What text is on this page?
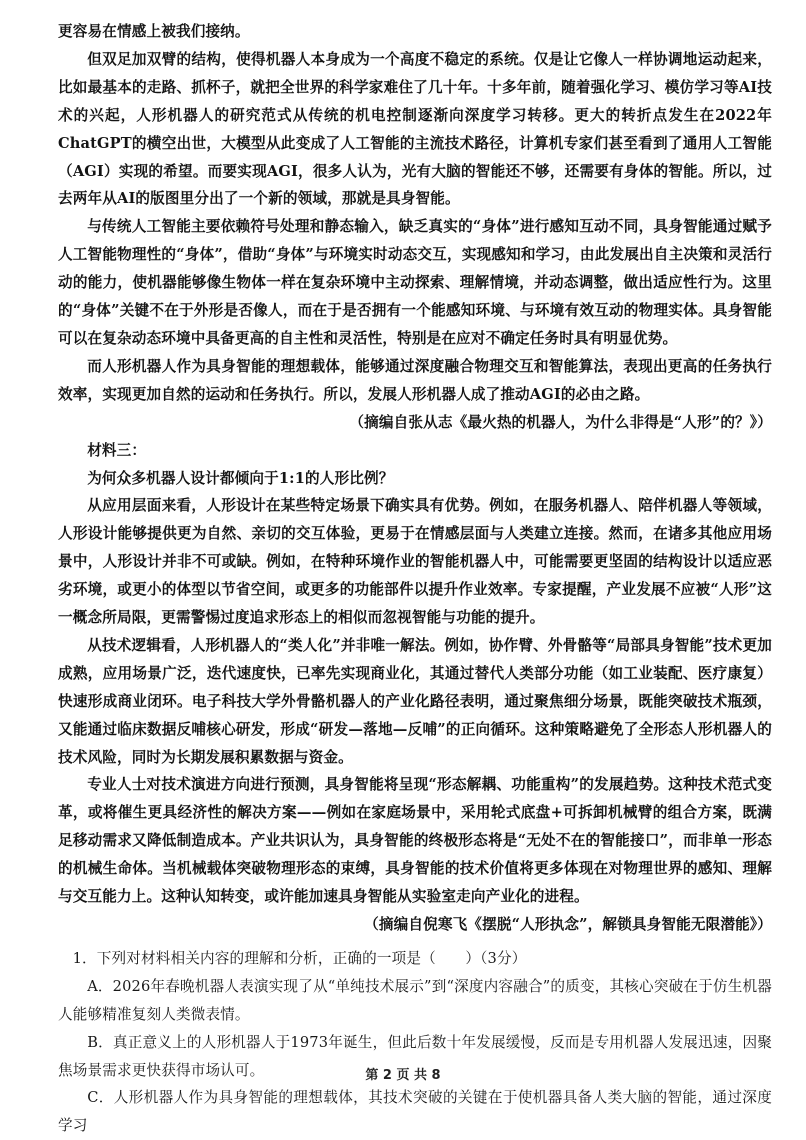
更容易在情感上被我们接纳。

但双足加双臂的结构，使得机器人本身成为一个高度不稳定的系统。仅是让它像人一样协调地运动起来，比如最基本的走路、抓杯子，就把全世界的科学家难住了几十年。十多年前，随着强化学习、模仿学习等AI技术的兴起，人形机器人的研究范式从传统的机电控制逐渐向深度学习转移。更大的转折点发生在2022年ChatGPT的横空出世，大模型从此变成了人工智能的主流技术路径，计算机专家们甚至看到了通用人工智能（AGI）实现的希望。而要实现AGI，很多人认为，光有大脑的智能还不够，还需要有身体的智能。所以，过去两年从AI的版图里分出了一个新的领域，那就是具身智能。

与传统人工智能主要依赖符号处理和静态输入，缺乏真实的“身体”进行感知互动不同，具身智能通过赋予人工智能物理性的“身体”，借助“身体”与环境实时动态交互，实现感知和学习，由此发展出自主决策和灵活行动的能力，使机器能够像生物体一样在复杂环境中主动探索、理解情境，并动态调整，做出适应性行为。这里的“身体”关键不在于外形是否像人，而在于是否拥有一个能感知环境、与环境有效互动的物理实体。具身智能可以在复杂动态环境中具备更高的自主性和灵活性，特别是在应对不确定任务时具有明显优势。

而人形机器人作为具身智能的理想载体，能够通过深度融合物理交互和智能算法，表现出更高的任务执行效率，实现更加自然的运动和任务执行。所以，发展人形机器人成了推动AGI的必由之路。

（摘编自张从志《最火热的机器人，为什么非得是“人形”的？》）

材料三：

为何众多机器人设计都倾向于1:1的人形比例？

从应用层面来看，人形设计在某些特定场景下确实具有优势。例如，在服务机器人、陪伴机器人等领域，人形设计能够提供更为自然、亲切的交互体验，更易于在情感层面与人类建立连接。然而，在诸多其他应用场景中，人形设计并非不可或缺。例如，在特种环境作业的智能机器人中，可能需要更坚固的结构设计以适应恶劣环境，或更小的体型以节省空间，或更多的功能部件以提升作业效率。专家提醒，产业发展不应被“人形”这一概念所局限，更需警惕过度追求形态上的相似而忽视智能与功能的提升。

从技术逻辑看，人形机器人的“类人化”并非唯一解法。例如，协作臂、外骨骼等“局部具身智能”技术更加成熟，应用场景广泛，迭代速度快，已率先实现商业化，其通过替代人类部分功能（如工业装配、医疗康复）快速形成商业闭环。电子科技大学外骨骼机器人的产业化路径表明，通过聚焦细分场景，既能突破技术瓶颈，又能通过临床数据反哺核心研发，形成“研发—落地—反哺”的正向循环。这种策略避免了全形态人形机器人的技术风险，同时为长期发展积累数据与资金。

专业人士对技术演进方向进行预测，具身智能将呈现“形态解耦、功能重构”的发展趋势。这种技术范式变革，或将催生更具经济性的解决方案——例如在家庭场景中，采用轮式底盘+可拆卸机械臂的组合方案，既满足移动需求又降低制造成本。产业共识认为，具身智能的终极形态将是“无处不在的智能接口”，而非单一形态的机械生命体。当机械载体突破物理形态的束缚，具身智能的技术价值将更多体现在对物理世界的感知、理解与交互能力上。这种认知转变，或许能加速具身智能从实验室走向产业化的进程。

（摘编自倪寒飞《摆脱“人形执念”，解锁具身智能无限潜能》）

1．下列对材料相关内容的理解和分析，正确的一项是（　　）（3分）

A．2026年春晚机器人表演实现了从“单纯技术展示”到“深度内容融合”的质变，其核心突破在于仿生机器人能够精准复刻人类微表情。

B．真正意义上的人形机器人于1973年诞生，但此后数十年发展缓慢，反而是专用机器人发展迅速，因聚焦场景需求更快获得市场认可。

C．人形机器人作为具身智能的理想载体，其技术突破的关键在于使机器具备人类大脑的智能，通过深度学习

第 2 页 共 8
